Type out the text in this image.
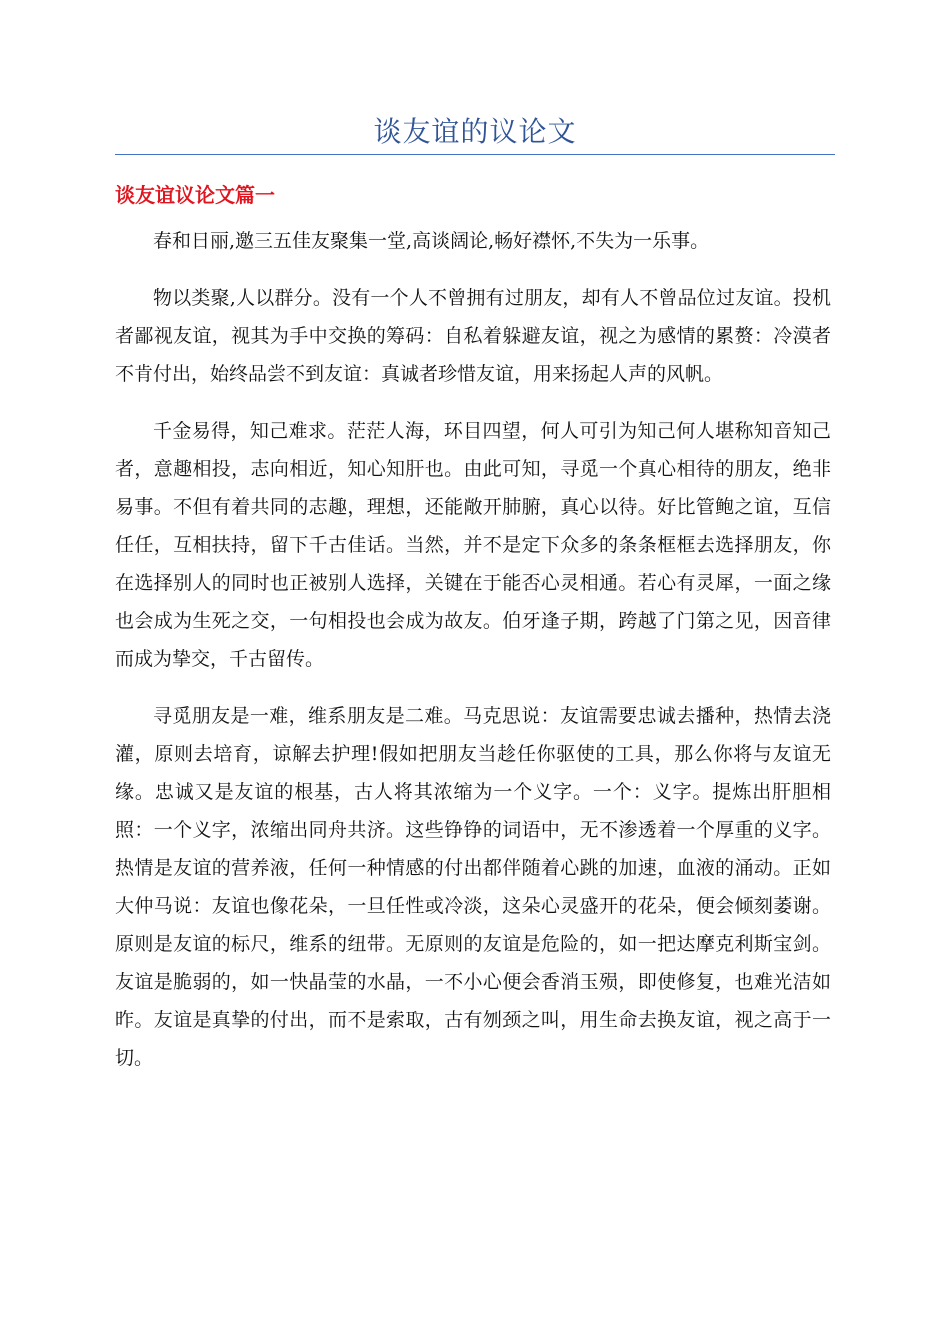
谈友谊的议论文
谈友谊议论文篇一

春和日丽,邀三五佳友聚集一堂,高谈阔论,畅好襟怀,不失为一乐事。

物以类聚,人以群分。没有一个人不曾拥有过朋友，却有人不曾品位过友谊。投机者鄙视友谊，视其为手中交换的筹码：自私着躲避友谊，视之为感情的累赘：冷漠者不肯付出，始终品尝不到友谊：真诚者珍惜友谊，用来扬起人声的风帆。

千金易得，知己难求。茫茫人海，环目四望，何人可引为知己何人堪称知音知己者，意趣相投，志向相近，知心知肝也。由此可知，寻觅一个真心相待的朋友，绝非易事。不但有着共同的志趣，理想，还能敞开肺腑，真心以待。好比管鲍之谊，互信任任，互相扶持，留下千古佳话。当然，并不是定下众多的条条框框去选择朋友，你在选择别人的同时也正被别人选择，关键在于能否心灵相通。若心有灵犀，一面之缘也会成为生死之交，一句相投也会成为故友。伯牙逢子期，跨越了门第之见，因音律而成为挚交，千古留传。

寻觅朋友是一难，维系朋友是二难。马克思说：友谊需要忠诚去播种，热情去浇灌，原则去培育，谅解去护理!假如把朋友当趁任你驱使的工具，那么你将与友谊无缘。忠诚又是友谊的根基，古人将其浓缩为一个义字。一个：义字。提炼出肝胆相照：一个义字，浓缩出同舟共济。这些铮铮的词语中，无不渗透着一个厚重的义字。热情是友谊的营养液，任何一种情感的付出都伴随着心跳的加速，血液的涌动。正如大仲马说：友谊也像花朵，一旦任性或冷淡，这朵心灵盛开的花朵，便会倾刻萎谢。原则是友谊的标尺，维系的纽带。无原则的友谊是危险的，如一把达摩克利斯宝剑。友谊是脆弱的，如一快晶莹的水晶，一不小心便会香消玉殒，即使修复，也难光洁如昨。友谊是真挚的付出，而不是索取，古有刎颈之叫，用生命去换友谊，视之高于一切。
